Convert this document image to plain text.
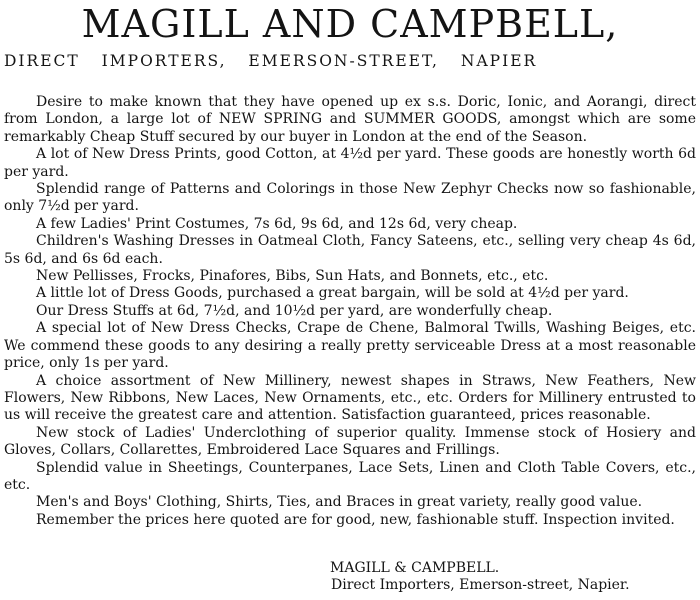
MAGILL AND CAMPBELL,
DIRECT IMPORTERS, EMERSON-STREET, NAPIER

Desire to make known that they have opened up ex s.s. Doric, Ionic, and Aorangi, direct from London, a large lot of NEW SPRING and SUMMER GOODS, amongst which are some remarkably Cheap Stuff secured by our buyer in London at the end of the Season.

A lot of New Dress Prints, good Cotton, at 4½d per yard. These goods are honestly worth 6d per yard.

Splendid range of Patterns and Colorings in those New Zephyr Checks now so fashionable, only 7½d per yard.

A few Ladies' Print Costumes, 7s 6d, 9s 6d, and 12s 6d, very cheap.

Children's Washing Dresses in Oatmeal Cloth, Fancy Sateens, etc., selling very cheap 4s 6d, 5s 6d, and 6s 6d each.

New Pellisses, Frocks, Pinafores, Bibs, Sun Hats, and Bonnets, etc., etc.

A little lot of Dress Goods, purchased a great bargain, will be sold at 4½d per yard.

Our Dress Stuffs at 6d, 7½d, and 10½d per yard, are wonderfully cheap.

A special lot of New Dress Checks, Crape de Chene, Balmoral Twills, Washing Beiges, etc. We commend these goods to any desiring a really pretty serviceable Dress at a most reasonable price, only 1s per yard.

A choice assortment of New Millinery, newest shapes in Straws, New Feathers, New Flowers, New Ribbons, New Laces, New Ornaments, etc., etc. Orders for Millinery entrusted to us will receive the greatest care and attention. Satisfaction guaranteed, prices reasonable.

New stock of Ladies' Underclothing of superior quality. Immense stock of Hosiery and Gloves, Collars, Collarettes, Embroidered Lace Squares and Frillings.

Splendid value in Sheetings, Counterpanes, Lace Sets, Linen and Cloth Table Covers, etc., etc.

Men's and Boys' Clothing, Shirts, Ties, and Braces in great variety, really good value.

Remember the prices here quoted are for good, new, fashionable stuff. Inspection invited.

MAGILL & CAMPBELL.
Direct Importers, Emerson-street, Napier.
